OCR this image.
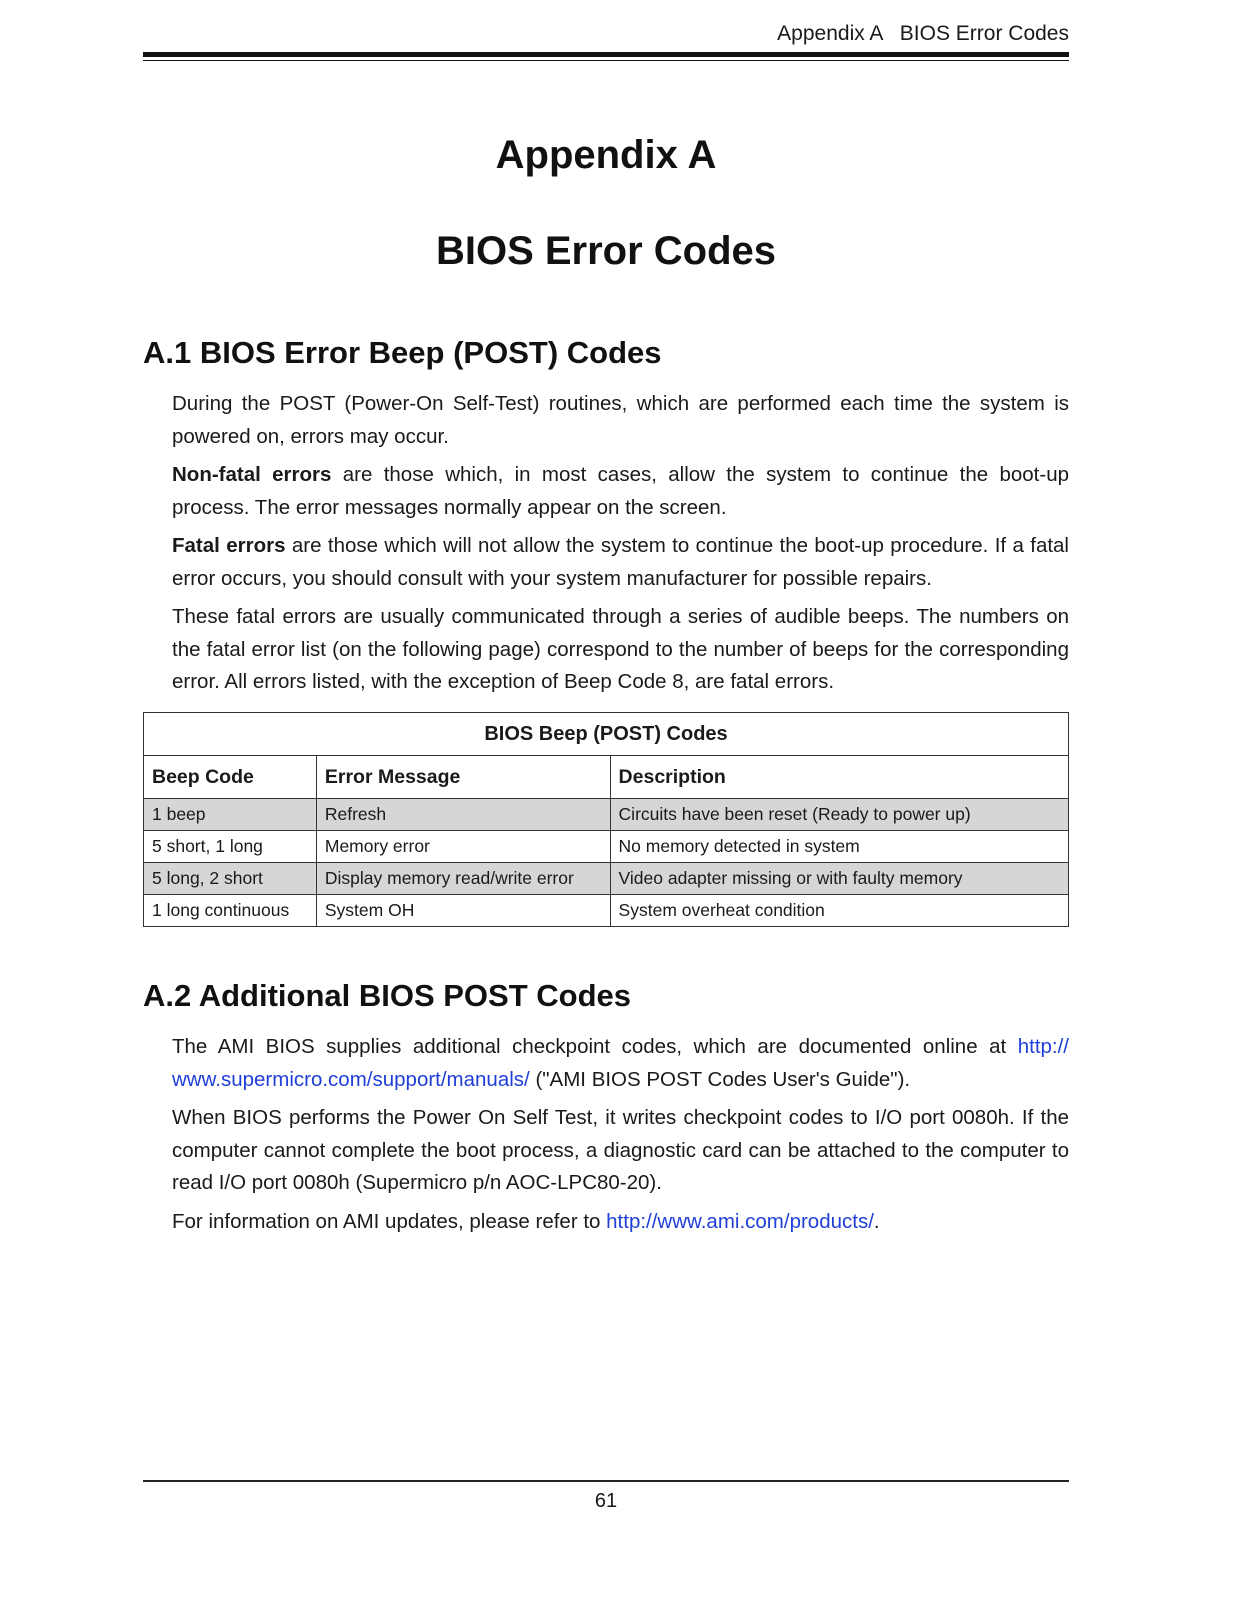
Appendix A   BIOS Error Codes
Appendix A
BIOS Error Codes
A.1 BIOS Error Beep (POST) Codes

During the POST (Power-On Self-Test) routines, which are performed each time the system is powered on, errors may occur.

Non-fatal errors are those which, in most cases, allow the system to continue the boot-up process. The error messages normally appear on the screen.

Fatal errors are those which will not allow the system to continue the boot-up procedure. If a fatal error occurs, you should consult with your system manufacturer for possible repairs.

These fatal errors are usually communicated through a series of audible beeps. The numbers on the fatal error list (on the following page) correspond to the number of beeps for the corresponding error. All errors listed, with the exception of Beep Code 8, are fatal errors.

BIOS Beep (POST) Codes		
Beep Code	Error Message	Description
1 beep	Refresh	Circuits have been reset (Ready to power up)
5 short, 1 long	Memory error	No memory detected in system
5 long, 2 short	Display memory read/write error	Video adapter missing or with faulty memory
1 long continuous	System OH	System overheat condition
A.2 Additional BIOS POST Codes

The AMI BIOS supplies additional checkpoint codes, which are documented online at http:// www.supermicro.com/support/manuals/ ("AMI BIOS POST Codes User's Guide").

When BIOS performs the Power On Self Test, it writes checkpoint codes to I/O port 0080h. If the computer cannot complete the boot process, a diagnostic card can be attached to the computer to read I/O port 0080h (Supermicro p/n AOC-LPC80-20).

For information on AMI updates, please refer to http://www.ami.com/products/.

61
